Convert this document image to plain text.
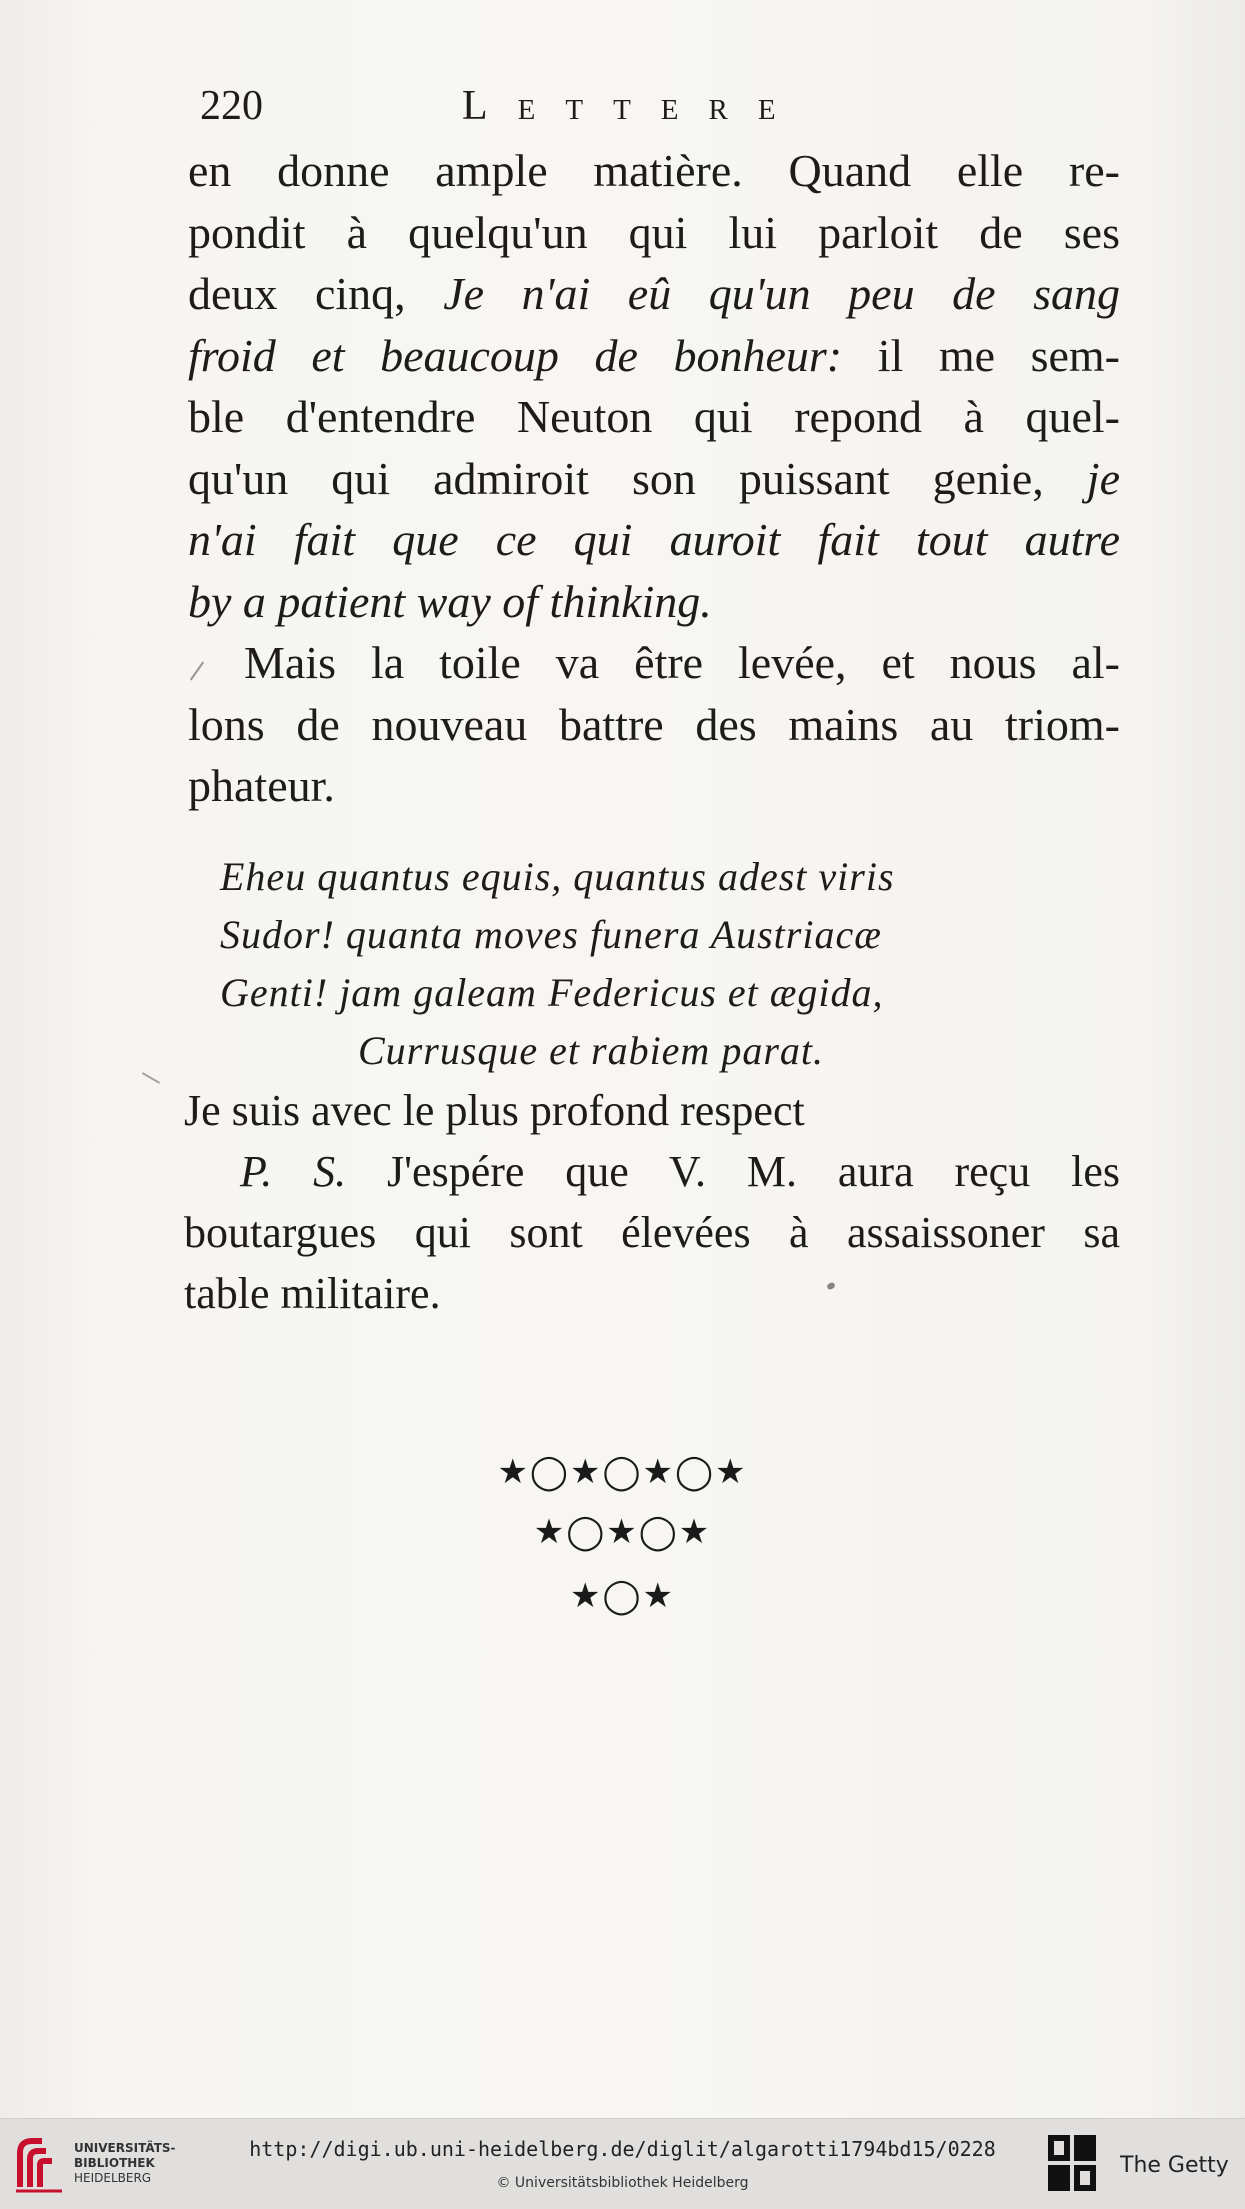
220	Lettere
en donne ample matière. Quand elle re-
pondit à quelqu'un qui lui parloit de ses
deux cinq, Je n'ai eû qu'un peu de sang
froid et beaucoup de bonheur: il me sem-
ble d'entendre Neuton qui repond à quel-
qu'un qui admiroit son puissant genie, je
n'ai fait que ce qui auroit fait tout autre
by a patient way of thinking.
Mais la toile va être levée, et nous al-
lons de nouveau battre des mains au triom-
phateur.
Eheu quantus equis, quantus adest viris
Sudor! quanta moves funera Austriacæ
Genti! jam galeam Federicus et ægida,
Currusque et rabiem parat.
Je suis avec le plus profond respect
P. S. J'espére que V. M. aura reçu les
boutargues qui sont élevées à assaissoner sa
table militaire.
★◯★◯★◯★
★◯★◯★
★◯★
UNIVERSITÄTS-
BIBLIOTHEK
HEIDELBERG
http://digi.ub.uni-heidelberg.de/diglit/algarotti1794bd15/0228
© Universitätsbibliothek Heidelberg
The Getty
